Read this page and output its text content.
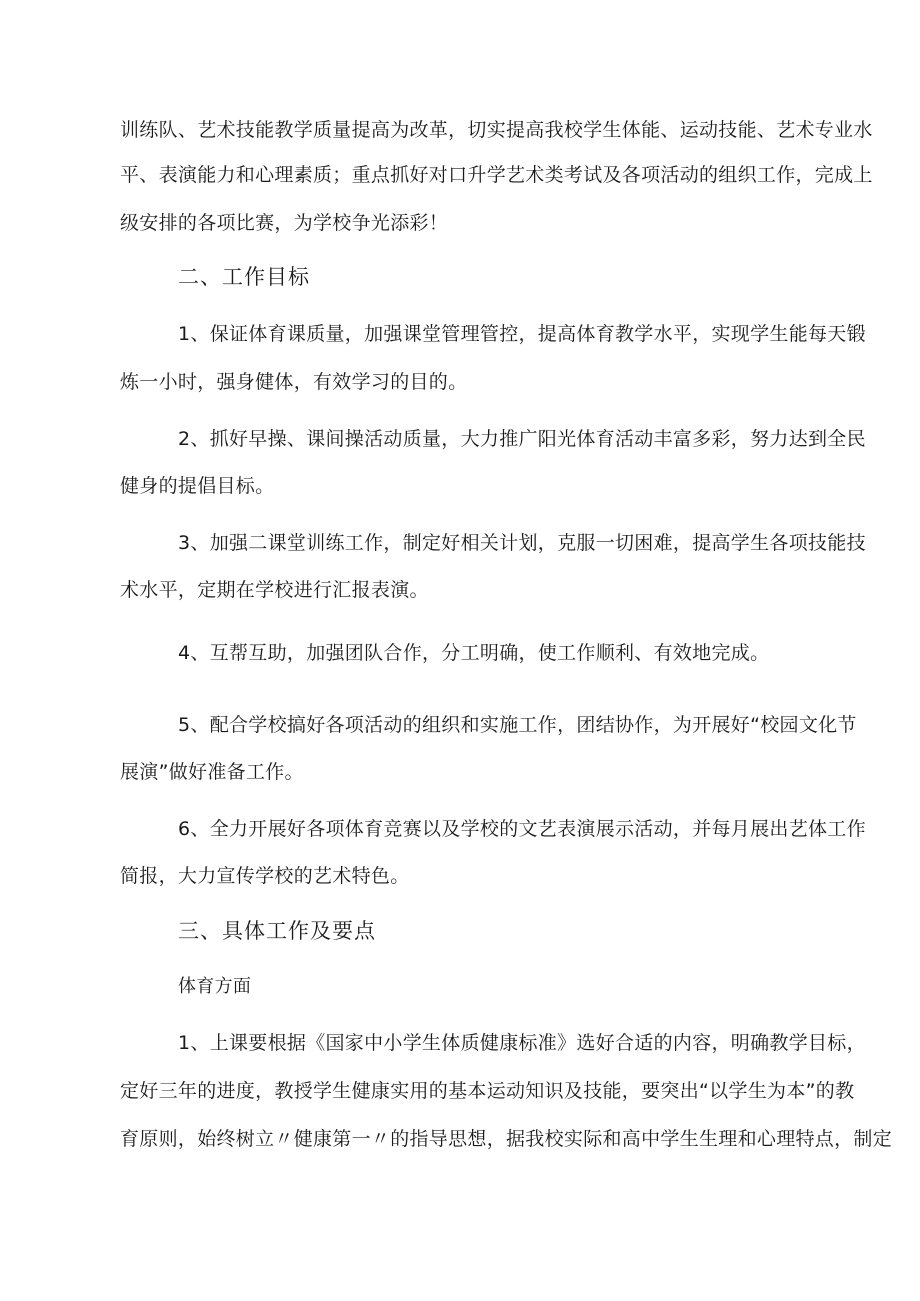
训练队、艺术技能教学质量提高为改革，切实提高我校学生体能、运动技能、艺术专业水
平、表演能力和心理素质；重点抓好对口升学艺术类考试及各项活动的组织工作，完成上
级安排的各项比赛，为学校争光添彩！
二、工作目标
1、保证体育课质量，加强课堂管理管控，提高体育教学水平，实现学生能每天锻
炼一小时，强身健体，有效学习的目的。
2、抓好早操、课间操活动质量，大力推广阳光体育活动丰富多彩，努力达到全民
健身的提倡目标。
3、加强二课堂训练工作，制定好相关计划，克服一切困难，提高学生各项技能技
术水平，定期在学校进行汇报表演。
4、互帮互助，加强团队合作，分工明确，使工作顺利、有效地完成。
5、配合学校搞好各项活动的组织和实施工作，团结协作，为开展好“校园文化节
展演”做好准备工作。
6、全力开展好各项体育竞赛以及学校的文艺表演展示活动，并每月展出艺体工作
简报，大力宣传学校的艺术特色。
三、具体工作及要点
体育方面
1、上课要根据《国家中小学生体质健康标准》选好合适的内容，明确教学目标，
定好三年的进度，教授学生健康实用的基本运动知识及技能，要突出“以学生为本”的教
育原则，始终树立〃健康第一〃的指导思想，据我校实际和高中学生生理和心理特点，制定
